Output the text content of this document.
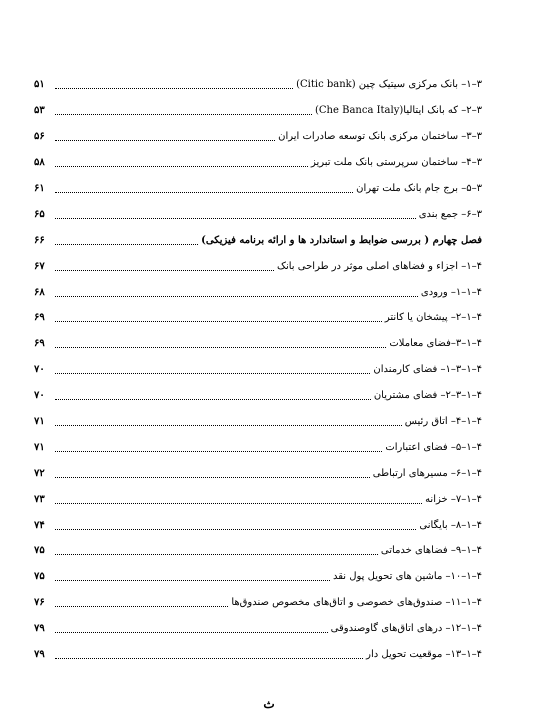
۳–۱– بانک مرکزی سیتیک چین (Citic bank)
۵۱
۳–۲– که بانک ایتالیا(Che Banca Italy)
۵۳
۳–۳– ساختمان مرکزی بانک توسعه صادرات ایران
۵۶
۳–۴– ساختمان سرپرستی بانک ملت تبریز
۵۸
۳–۵– برج جام بانک ملت تهران
۶۱
۳–۶– جمع بندی
۶۵
فصل چهارم ( بررسی ضوابط و استاندارد ها و ارائه برنامه فیزیکی)
۶۶
۴–۱– اجزاء و فضاهای اصلی موثر در طراحی بانک
۶۷
۴–۱–۱– ورودی
۶۸
۴–۱–۲– پیشخان یا کانتر
۶۹
۴–۱–۳–فضای معاملات
۶۹
۴–۱–۳–۱– فضای کارمندان
۷۰
۴–۱–۳–۲– فضای مشتریان
۷۰
۴–۱–۴– اتاق رئیس
۷۱
۴–۱–۵– فضای اعتبارات
۷۱
۴–۱–۶– مسیرهای ارتباطی
۷۲
۴–۱–۷– خزانه
۷۳
۴–۱–۸– بایگانی
۷۴
۴–۱–۹– فضاهای خدماتی
۷۵
۴–۱–۱۰– ماشین های تحویل پول نقد
۷۵
۴–۱–۱۱– صندوق‌های خصوصی و اتاق‌های مخصوص صندوق‌ها
۷۶
۴–۱–۱۲– درهای اتاق‌های گاوصندوقی
۷۹
۴–۱–۱۳– موقعیت تحویل دار
۷۹
ث
